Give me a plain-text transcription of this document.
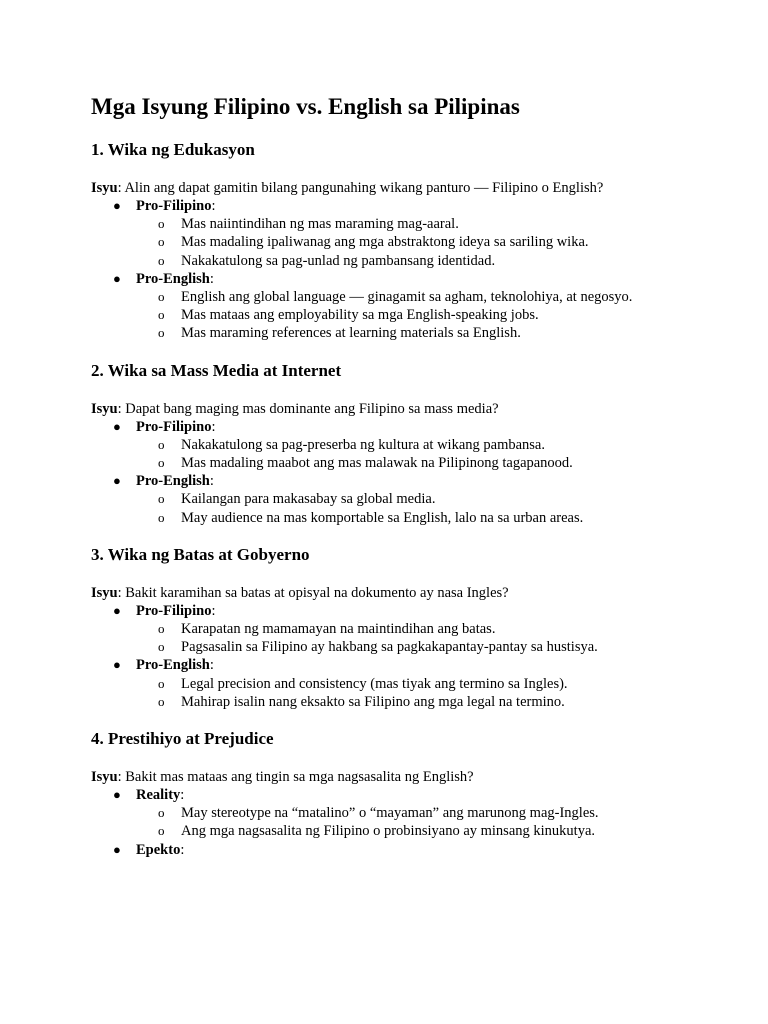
Mga Isyung Filipino vs. English sa Pilipinas
1. Wika ng Edukasyon

Isyu: Alin ang dapat gamitin bilang pangunahing wikang panturo — Filipino o English?

● Pro-Filipino:
o Mas naiintindihan ng mas maraming mag-aaral.
o Mas madaling ipaliwanag ang mga abstraktong ideya sa sariling wika.
o Nakakatulong sa pag-unlad ng pambansang identidad.
● Pro-English:
o English ang global language — ginagamit sa agham, teknolohiya, at negosyo.
o Mas mataas ang employability sa mga English-speaking jobs.
o Mas maraming references at learning materials sa English.
2. Wika sa Mass Media at Internet

Isyu: Dapat bang maging mas dominante ang Filipino sa mass media?

● Pro-Filipino:
o Nakakatulong sa pag-preserba ng kultura at wikang pambansa.
o Mas madaling maabot ang mas malawak na Pilipinong tagapanood.
● Pro-English:
o Kailangan para makasabay sa global media.
o May audience na mas komportable sa English, lalo na sa urban areas.
3. Wika ng Batas at Gobyerno

Isyu: Bakit karamihan sa batas at opisyal na dokumento ay nasa Ingles?

● Pro-Filipino:
o Karapatan ng mamamayan na maintindihan ang batas.
o Pagsasalin sa Filipino ay hakbang sa pagkakapantay-pantay sa hustisya.
● Pro-English:
o Legal precision and consistency (mas tiyak ang termino sa Ingles).
o Mahirap isalin nang eksakto sa Filipino ang mga legal na termino.
4. Prestihiyo at Prejudice

Isyu: Bakit mas mataas ang tingin sa mga nagsasalita ng English?

● Reality:
o May stereotype na “matalino” o “mayaman” ang marunong mag-Ingles.
o Ang mga nagsasalita ng Filipino o probinsiyano ay minsang kinukutya.
● Epekto:
